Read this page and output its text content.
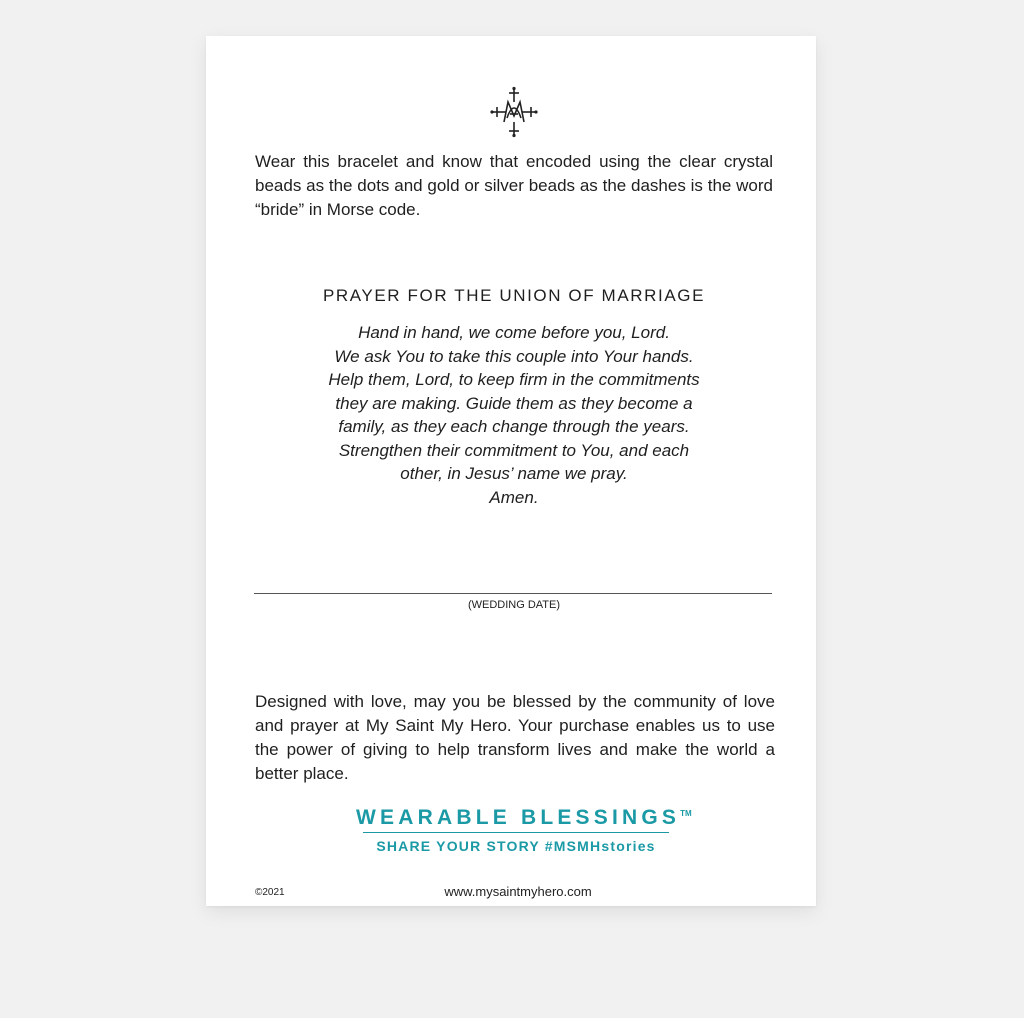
Wear this bracelet and know that encoded using the clear crystal beads as the dots and gold or silver beads as the dashes is the word “bride” in Morse code.

PRAYER FOR THE UNION OF MARRIAGE
Hand in hand, we come before you, Lord.
We ask You to take this couple into Your hands.
Help them, Lord, to keep firm in the commitments
they are making. Guide them as they become a
family, as they each change through the years.
Strengthen their commitment to You, and each
other, in Jesus’ name we pray.
Amen.

(WEDDING DATE)

Designed with love, may you be blessed by the community of love and prayer at My Saint My Hero. Your purchase enables us to use the power of giving to help transform lives and make the world a better place.

WEARABLE BLESSINGS™
SHARE YOUR STORY #MSMHstories
©2021	www.mysaintmyhero.com
